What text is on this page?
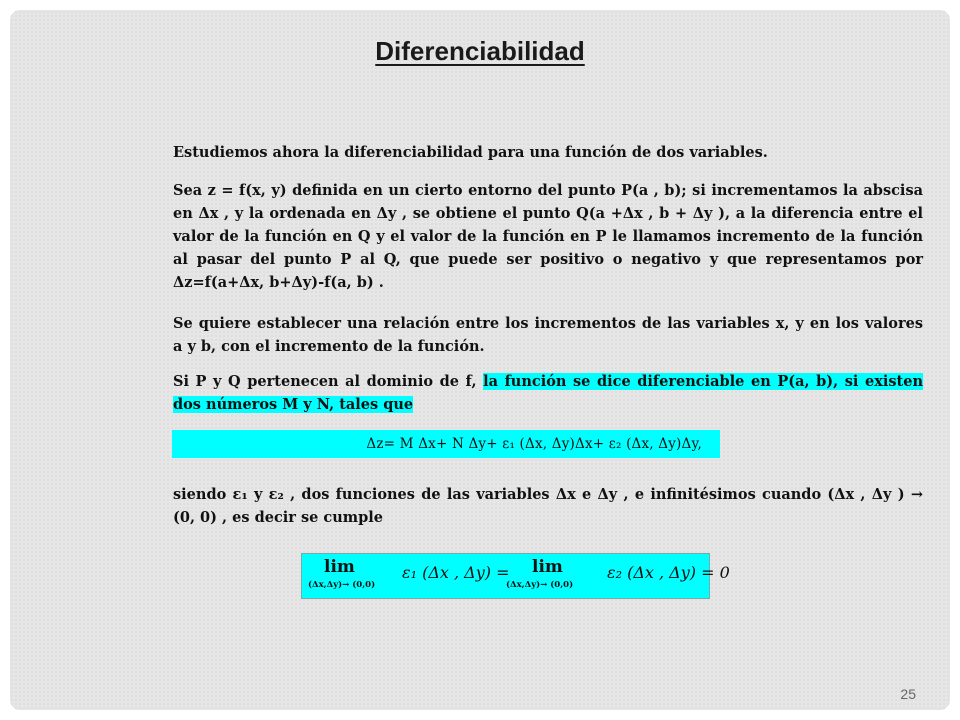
Diferenciabilidad
Estudiemos ahora la diferenciabilidad para una función de dos variables.
Sea z = f(x, y) definida en un cierto entorno del punto P(a , b); si incrementamos la abscisa en Δx , y la ordenada en Δy , se obtiene el punto Q(a +Δx , b + Δy ), a la diferencia entre el valor de la función en Q y el valor de la función en P le llamamos incremento de la función al pasar del punto P al Q, que puede ser positivo o negativo y que representamos por Δz=f(a+Δx, b+Δy)-f(a, b) .
Se quiere establecer una relación entre los incrementos de las variables x, y en los valores a y b, con el incremento de la función.
Si P y Q pertenecen al dominio de f, la función se dice diferenciable en P(a, b), si existen dos números M y N, tales que
Δz= M Δx+ N Δy+ ε₁ (Δx, Δy)Δx+ ε₂ (Δx, Δy)Δy,
siendo ε₁ y ε₂ , dos funciones de las variables Δx e Δy , e infinitésimos cuando (Δx , Δy ) → (0, 0) , es decir se cumple
lim
(Δx,Δy)→ (0,0)
ε₁ (Δx , Δy) = lim
(Δx,Δy)→ (0,0)
ε₂ (Δx , Δy) = 0
25
